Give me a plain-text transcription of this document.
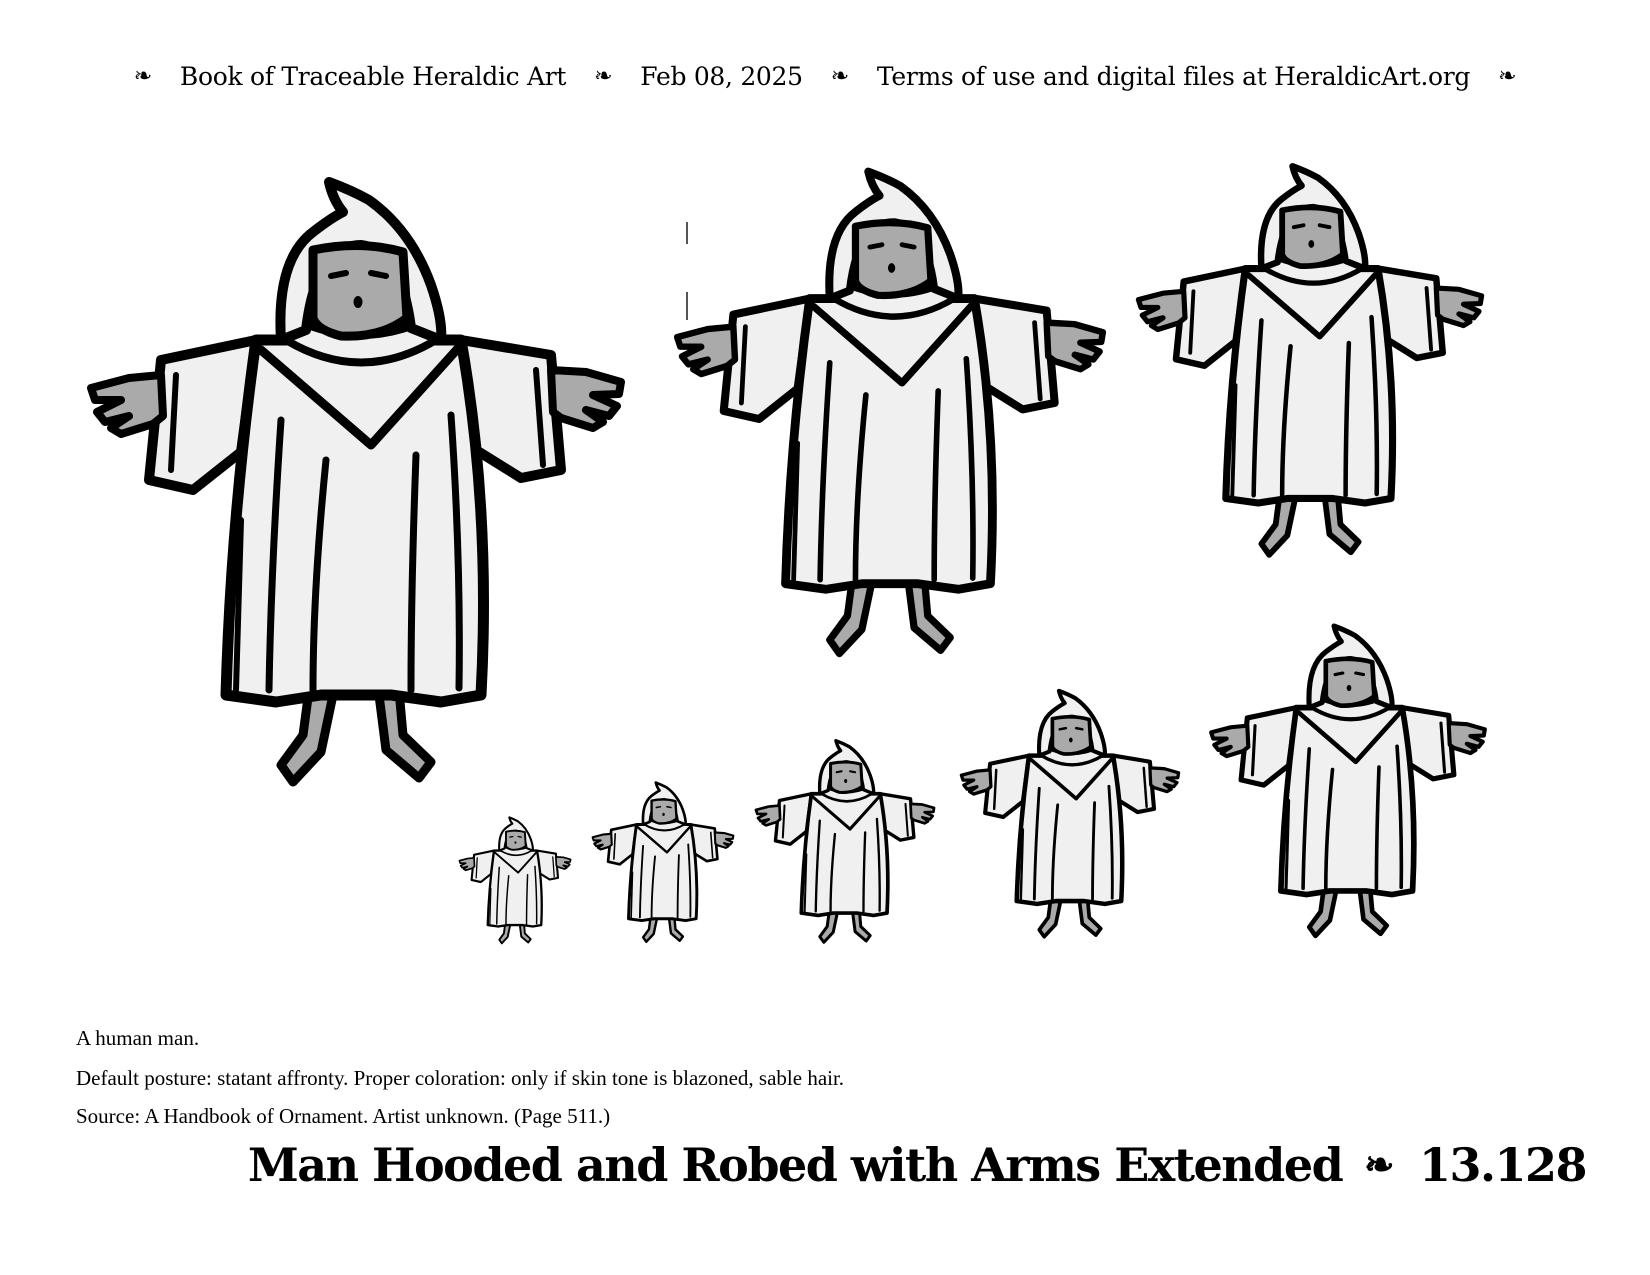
❧ Book of Traceable Heraldic Art ❧ Feb 08, 2025 ❧ Terms of use and digital files at HeraldicArt.org ❧
A human man.
Default posture: statant affronty. Proper coloration: only if skin tone is blazoned, sable hair.
Source: A Handbook of Ornament. Artist unknown. (Page 511.)
Man Hooded and Robed with Arms Extended ❧ 13.128
